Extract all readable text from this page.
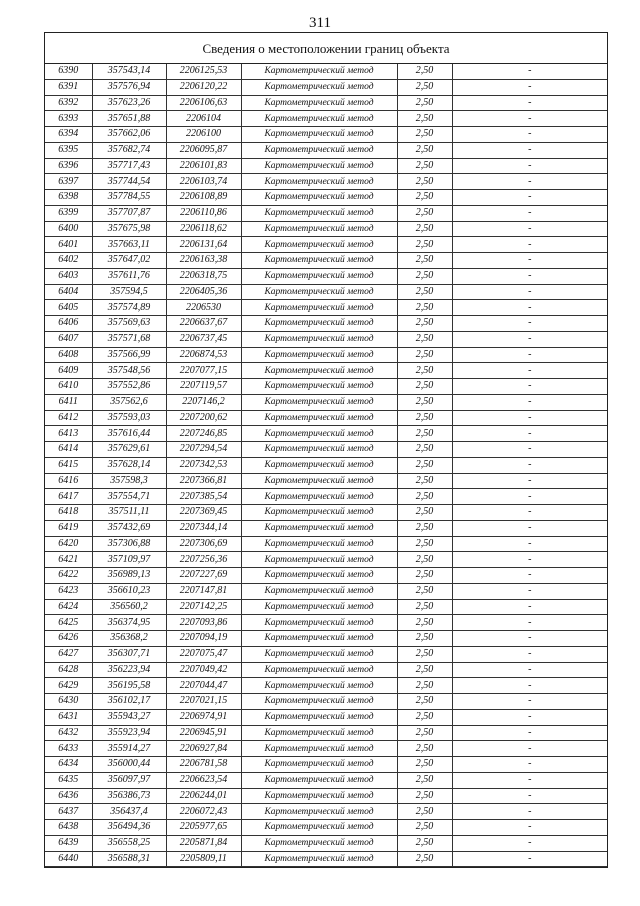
311
Сведения о местоположении границ объекта
6390	357543,14	2206125,53	Картометрический метод	2,50	-
6391	357576,94	2206120,22	Картометрический метод	2,50	-
6392	357623,26	2206106,63	Картометрический метод	2,50	-
6393	357651,88	2206104	Картометрический метод	2,50	-
6394	357662,06	2206100	Картометрический метод	2,50	-
6395	357682,74	2206095,87	Картометрический метод	2,50	-
6396	357717,43	2206101,83	Картометрический метод	2,50	-
6397	357744,54	2206103,74	Картометрический метод	2,50	-
6398	357784,55	2206108,89	Картометрический метод	2,50	-
6399	357707,87	2206110,86	Картометрический метод	2,50	-
6400	357675,98	2206118,62	Картометрический метод	2,50	-
6401	357663,11	2206131,64	Картометрический метод	2,50	-
6402	357647,02	2206163,38	Картометрический метод	2,50	-
6403	357611,76	2206318,75	Картометрический метод	2,50	-
6404	357594,5	2206405,36	Картометрический метод	2,50	-
6405	357574,89	2206530	Картометрический метод	2,50	-
6406	357569,63	2206637,67	Картометрический метод	2,50	-
6407	357571,68	2206737,45	Картометрический метод	2,50	-
6408	357566,99	2206874,53	Картометрический метод	2,50	-
6409	357548,56	2207077,15	Картометрический метод	2,50	-
6410	357552,86	2207119,57	Картометрический метод	2,50	-
6411	357562,6	2207146,2	Картометрический метод	2,50	-
6412	357593,03	2207200,62	Картометрический метод	2,50	-
6413	357616,44	2207246,85	Картометрический метод	2,50	-
6414	357629,61	2207294,54	Картометрический метод	2,50	-
6415	357628,14	2207342,53	Картометрический метод	2,50	-
6416	357598,3	2207366,81	Картометрический метод	2,50	-
6417	357554,71	2207385,54	Картометрический метод	2,50	-
6418	357511,11	2207369,45	Картометрический метод	2,50	-
6419	357432,69	2207344,14	Картометрический метод	2,50	-
6420	357306,88	2207306,69	Картометрический метод	2,50	-
6421	357109,97	2207256,36	Картометрический метод	2,50	-
6422	356989,13	2207227,69	Картометрический метод	2,50	-
6423	356610,23	2207147,81	Картометрический метод	2,50	-
6424	356560,2	2207142,25	Картометрический метод	2,50	-
6425	356374,95	2207093,86	Картометрический метод	2,50	-
6426	356368,2	2207094,19	Картометрический метод	2,50	-
6427	356307,71	2207075,47	Картометрический метод	2,50	-
6428	356223,94	2207049,42	Картометрический метод	2,50	-
6429	356195,58	2207044,47	Картометрический метод	2,50	-
6430	356102,17	2207021,15	Картометрический метод	2,50	-
6431	355943,27	2206974,91	Картометрический метод	2,50	-
6432	355923,94	2206945,91	Картометрический метод	2,50	-
6433	355914,27	2206927,84	Картометрический метод	2,50	-
6434	356000,44	2206781,58	Картометрический метод	2,50	-
6435	356097,97	2206623,54	Картометрический метод	2,50	-
6436	356386,73	2206244,01	Картометрический метод	2,50	-
6437	356437,4	2206072,43	Картометрический метод	2,50	-
6438	356494,36	2205977,65	Картометрический метод	2,50	-
6439	356558,25	2205871,84	Картометрический метод	2,50	-
6440	356588,31	2205809,11	Картометрический метод	2,50	-
